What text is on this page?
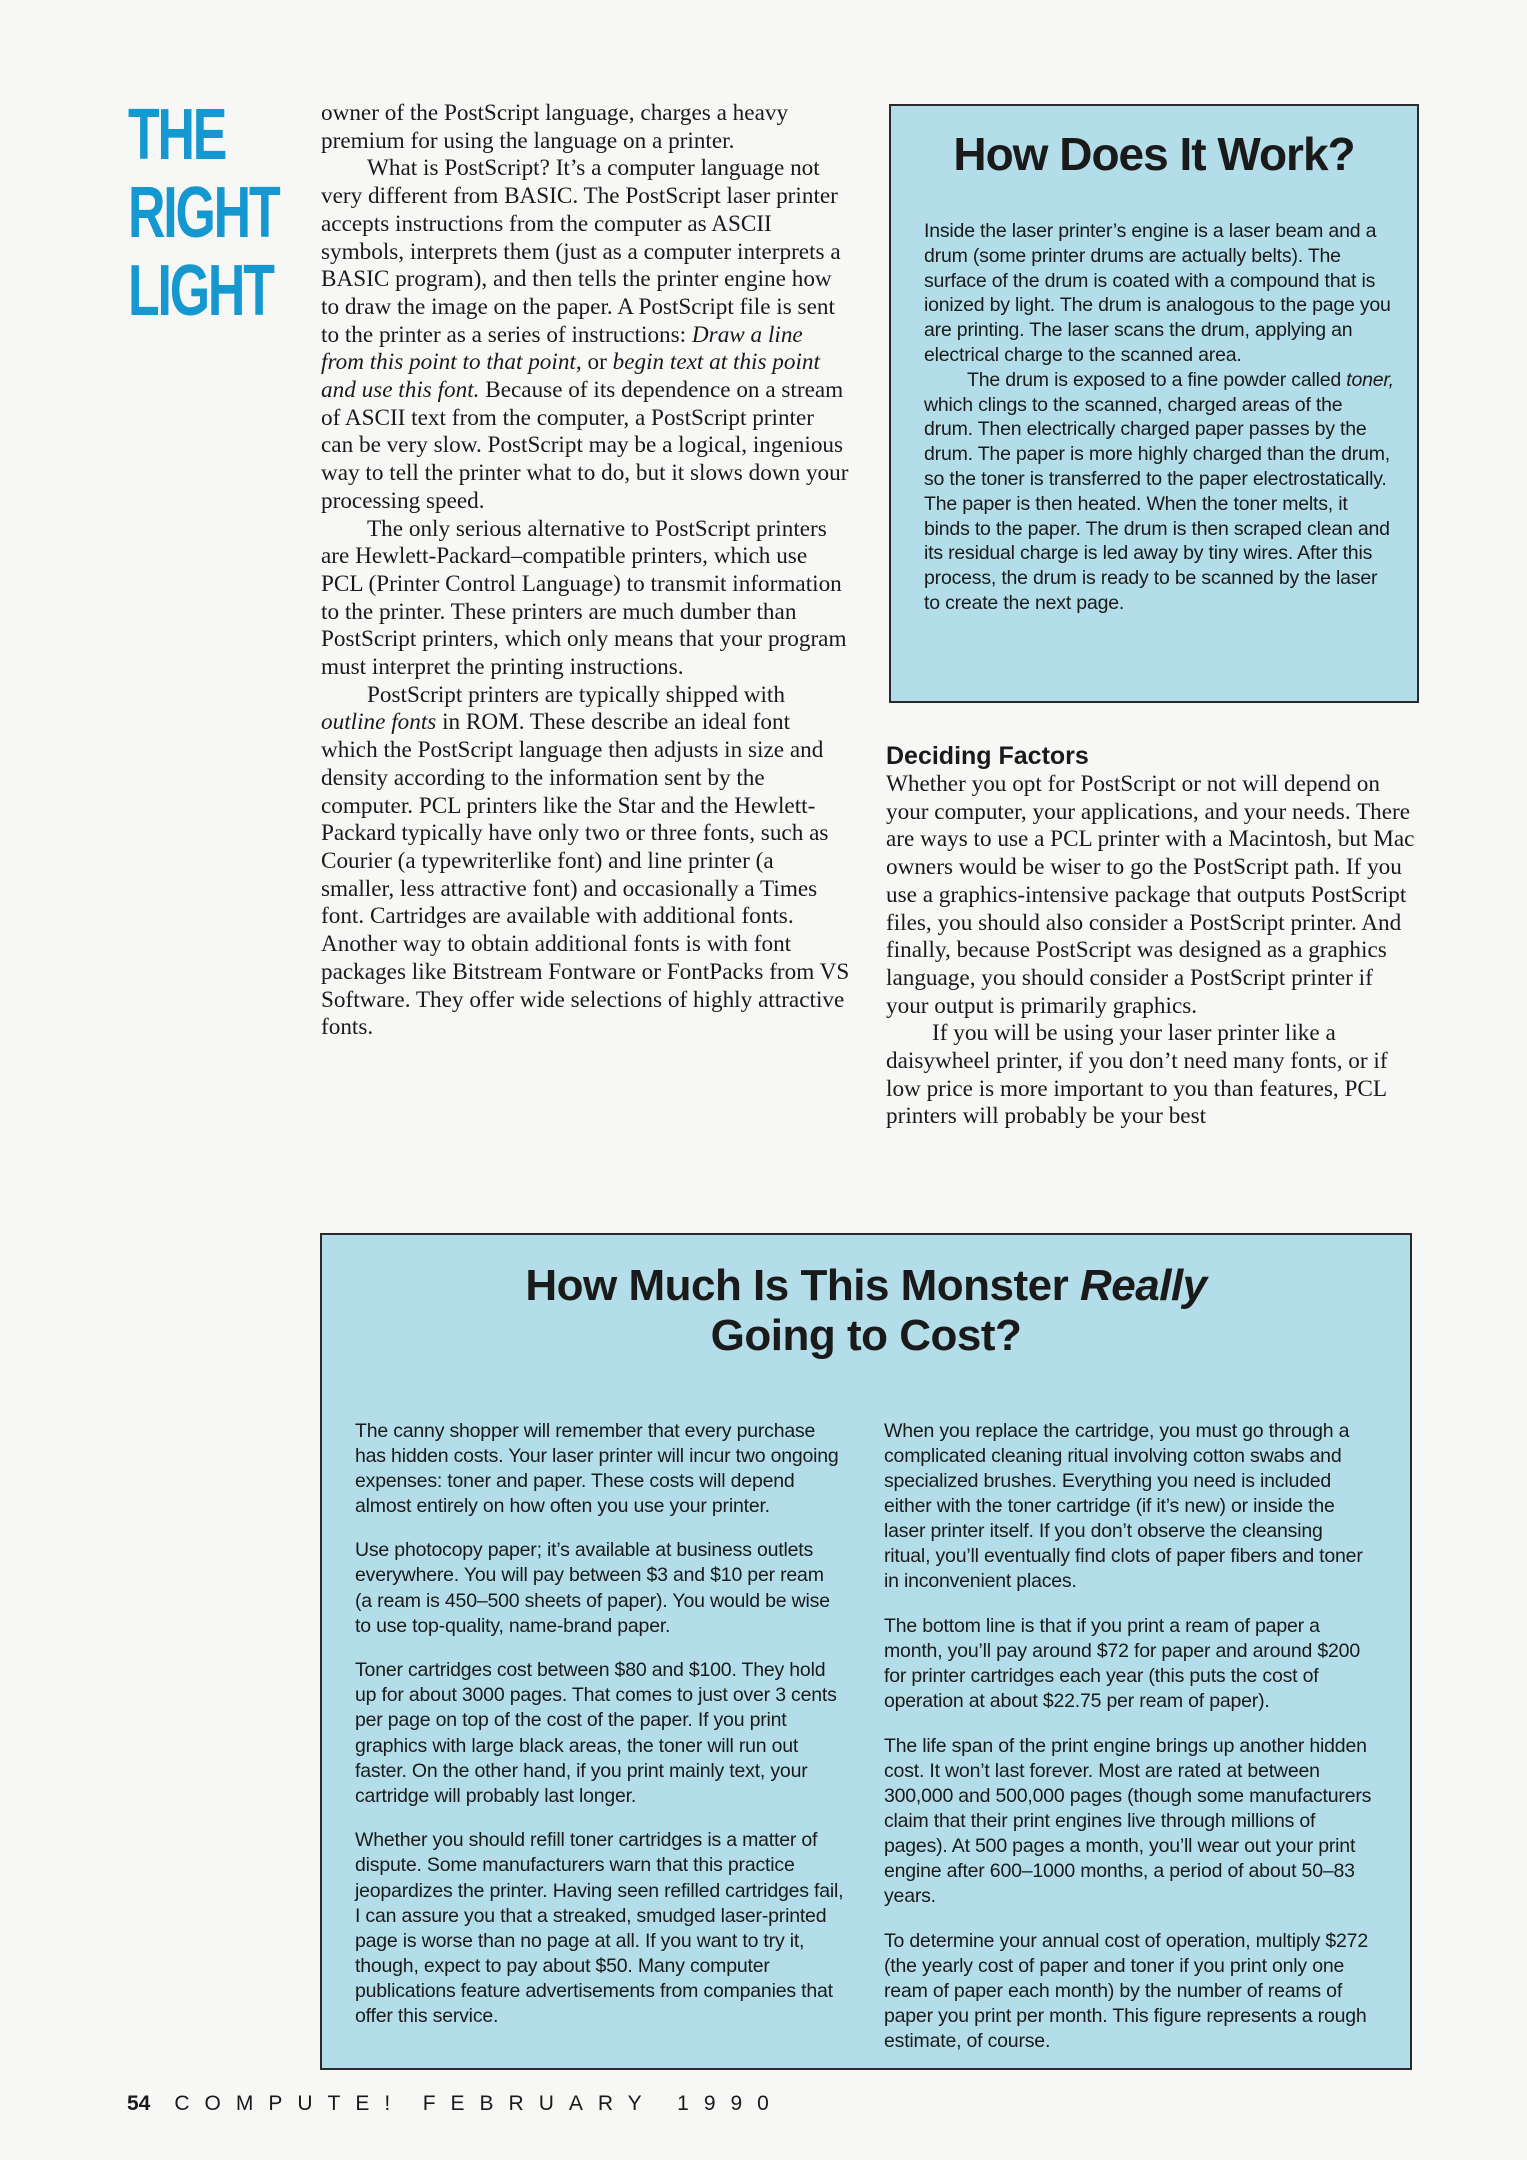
THE
RIGHT
LIGHT

owner of the PostScript language, charges a heavy premium for using the language on a printer.

What is PostScript? It’s a computer language not very different from BASIC. The PostScript laser printer accepts instructions from the computer as ASCII symbols, interprets them (just as a computer interprets a BASIC program), and then tells the printer engine how to draw the image on the paper. A PostScript file is sent to the printer as a series of instructions: Draw a line from this point to that point, or begin text at this point and use this font. Because of its dependence on a stream of ASCII text from the computer, a PostScript printer can be very slow. PostScript may be a logical, ingenious way to tell the printer what to do, but it slows down your processing speed.

The only serious alternative to PostScript printers are Hewlett-Packard–compatible printers, which use PCL (Printer Control Language) to transmit information to the printer. These printers are much dumber than PostScript printers, which only means that your program must interpret the printing instructions.

PostScript printers are typically shipped with outline fonts in ROM. These describe an ideal font which the PostScript language then adjusts in size and density according to the information sent by the computer. PCL printers like the Star and the Hewlett-Packard typically have only two or three fonts, such as Courier (a typewriterlike font) and line printer (a smaller, less attractive font) and occasionally a Times font. Cartridges are available with additional fonts. Another way to obtain additional fonts is with font packages like Bitstream Fontware or FontPacks from VS Software. They offer wide selections of highly attractive fonts.

How Does It Work?

Inside the laser printer’s engine is a laser beam and a drum (some printer drums are actually belts). The surface of the drum is coated with a compound that is ionized by light. The drum is analogous to the page you are printing. The laser scans the drum, applying an electrical charge to the scanned area.

The drum is exposed to a fine powder called toner, which clings to the scanned, charged areas of the drum. Then electrically charged paper passes by the drum. The paper is more highly charged than the drum, so the toner is transferred to the paper electrostatically. The paper is then heated. When the toner melts, it binds to the paper. The drum is then scraped clean and its residual charge is led away by tiny wires. After this process, the drum is ready to be scanned by the laser to create the next page.

Deciding Factors

Whether you opt for PostScript or not will depend on your computer, your applications, and your needs. There are ways to use a PCL printer with a Macintosh, but Mac owners would be wiser to go the PostScript path. If you use a graphics-intensive package that outputs PostScript files, you should also consider a PostScript printer. And finally, because PostScript was designed as a graphics language, you should consider a PostScript printer if your output is primarily graphics.

If you will be using your laser printer like a daisywheel printer, if you don’t need many fonts, or if low price is more important to you than features, PCL printers will probably be your best

How Much Is This Monster Really
Going to Cost?

The canny shopper will remember that every purchase has hidden costs. Your laser printer will incur two ongoing expenses: toner and paper. These costs will depend almost entirely on how often you use your printer.

Use photocopy paper; it’s available at business outlets everywhere. You will pay between $3 and $10 per ream (a ream is 450–500 sheets of paper). You would be wise to use top-quality, name-brand paper.

Toner cartridges cost between $80 and $100. They hold up for about 3000 pages. That comes to just over 3 cents per page on top of the cost of the paper. If you print graphics with large black areas, the toner will run out faster. On the other hand, if you print mainly text, your cartridge will probably last longer.

Whether you should refill toner cartridges is a matter of dispute. Some manufacturers warn that this practice jeopardizes the printer. Having seen refilled cartridges fail, I can assure you that a streaked, smudged laser-printed page is worse than no page at all. If you want to try it, though, expect to pay about $50. Many computer publications feature advertisements from companies that offer this service.

When you replace the cartridge, you must go through a complicated cleaning ritual involving cotton swabs and specialized brushes. Everything you need is included either with the toner cartridge (if it’s new) or inside the laser printer itself. If you don’t observe the cleansing ritual, you’ll eventually find clots of paper fibers and toner in inconvenient places.

The bottom line is that if you print a ream of paper a month, you’ll pay around $72 for paper and around $200 for printer cartridges each year (this puts the cost of operation at about $22.75 per ream of paper).

The life span of the print engine brings up another hidden cost. It won’t last forever. Most are rated at between 300,000 and 500,000 pages (though some manufacturers claim that their print engines live through millions of pages). At 500 pages a month, you’ll wear out your print engine after 600–1000 months, a period of about 50–83 years.

To determine your annual cost of operation, multiply $272 (the yearly cost of paper and toner if you print only one ream of paper each month) by the number of reams of paper you print per month. This figure represents a rough estimate, of course.

54 COMPUTE! FEBRUARY 1990
